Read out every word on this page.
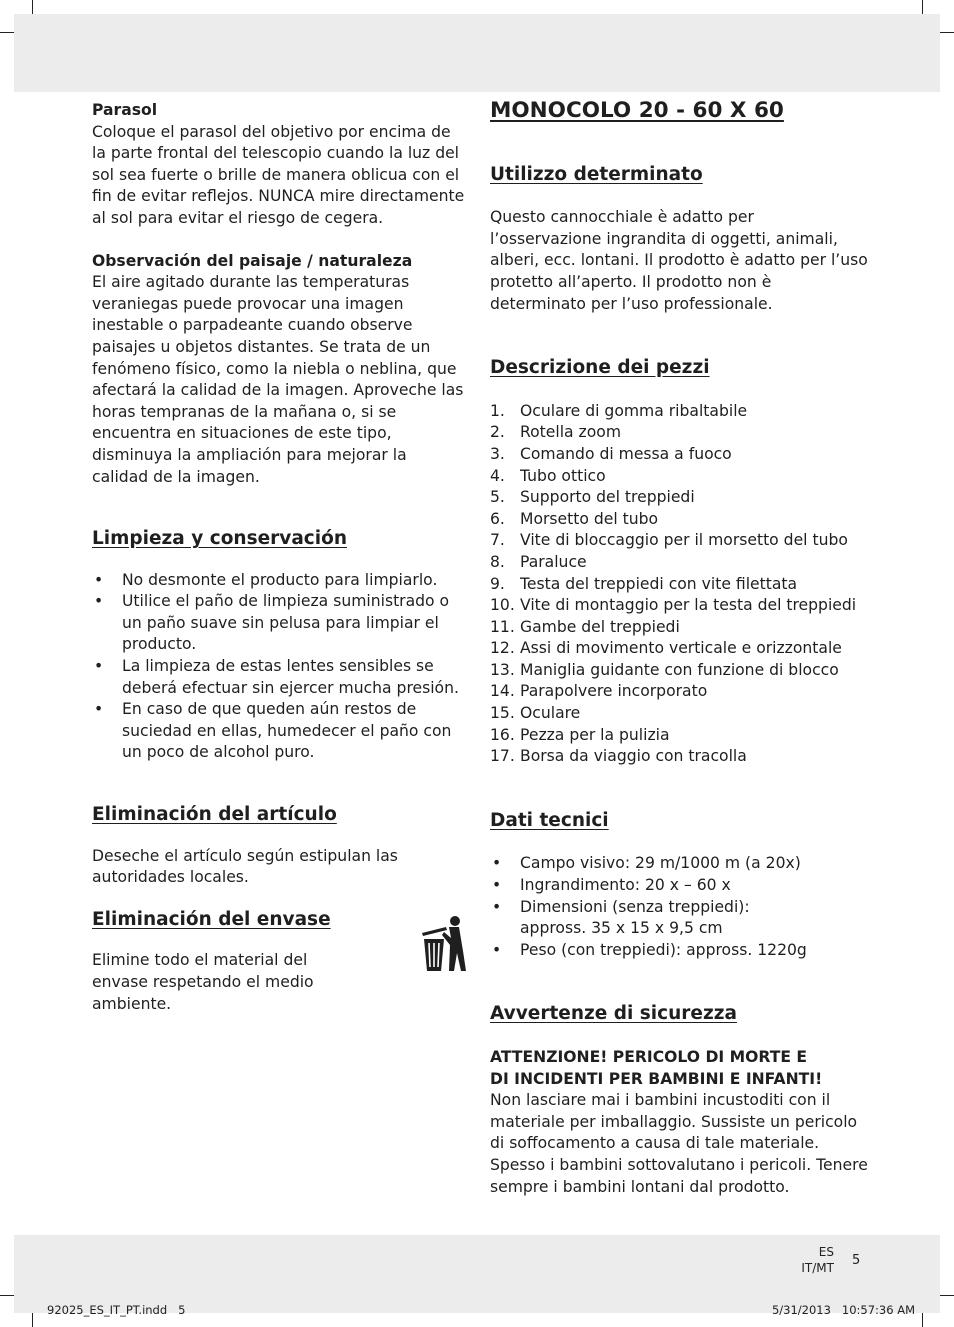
Parasol

Coloque el parasol del objetivo por encima de la parte frontal del telescopio cuando la luz del sol sea fuerte o brille de manera oblicua con el fin de evitar reflejos. NUNCA mire directamente al sol para evitar el riesgo de cegera.

Observación del paisaje / naturaleza

El aire agitado durante las temperaturas veraniegas puede provocar una imagen inestable o parpadeante cuando observe paisajes u objetos distantes. Se trata de un fenómeno físico, como la niebla o neblina, que afectará la calidad de la imagen. Aproveche las horas tempranas de la mañana o, si se encuentra en situaciones de este tipo, disminuya la ampliación para mejorar la calidad de la imagen.

Limpieza y conservación

• No desmonte el producto para limpiarlo.
• Utilice el paño de limpieza suministrado o un paño suave sin pelusa para limpiar el producto.
• La limpieza de estas lentes sensibles se deberá efectuar sin ejercer mucha presión.
• En caso de que queden aún restos de suciedad en ellas, humedecer el paño con un poco de alcohol puro.

Eliminación del artículo

Deseche el artículo según estipulan las autoridades locales.

Eliminación del envase

Elimine todo el material del envase respetando el medio ambiente.

MONOCOLO 20 - 60 X 60

Utilizzo determinato

Questo cannocchiale è adatto per l’osservazione ingrandita di oggetti, animali, alberi, ecc. lontani. Il prodotto è adatto per l’uso protetto all’aperto. Il prodotto non è determinato per l’uso professionale.

Descrizione dei pezzi

1. Oculare di gomma ribaltabile
2. Rotella zoom
3. Comando di messa a fuoco
4. Tubo ottico
5. Supporto del treppiedi
6. Morsetto del tubo
7. Vite di bloccaggio per il morsetto del tubo
8. Paraluce
9. Testa del treppiedi con vite filettata
10. Vite di montaggio per la testa del treppiedi
11. Gambe del treppiedi
12. Assi di movimento verticale e orizzontale
13. Maniglia guidante con funzione di blocco
14. Parapolvere incorporato
15. Oculare
16. Pezza per la pulizia
17. Borsa da viaggio con tracolla

Dati tecnici

• Campo visivo: 29 m/1000 m (a 20x)
• Ingrandimento: 20 x – 60 x
• Dimensioni (senza treppiedi):
appross. 35 x 15 x 9,5 cm
• Peso (con treppiedi): appross. 1220g

Avvertenze di sicurezza

ATTENZIONE! PERICOLO DI MORTE E
DI INCIDENTI PER BAMBINI E INFANTI!

Non lasciare mai i bambini incustoditi con il materiale per imballaggio. Sussiste un pericolo di soffocamento a causa di tale materiale. Spesso i bambini sottovalutano i pericoli. Tenere sempre i bambini lontani dal prodotto.

ES
IT/MT 5
92025_ES_IT_PT.indd   5	5/31/2013   10:57:36 AM
